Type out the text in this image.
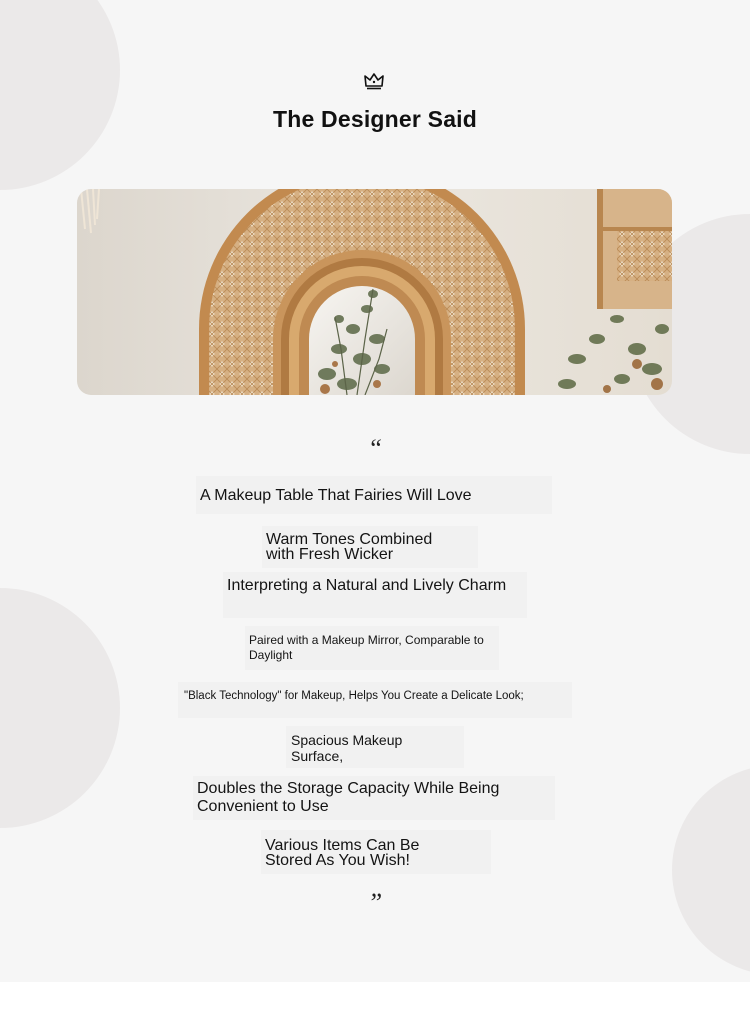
The Designer Said
“
A Makeup Table That Fairies Will Love
Warm Tones Combined with Fresh Wicker
Interpreting a Natural and Lively Charm
Paired with a Makeup Mirror, Comparable to Daylight
"Black Technology" for Makeup, Helps You Create a Delicate Look;
Spacious Makeup Surface,
Doubles the Storage Capacity While Being Convenient to Use
Various Items Can Be Stored As You Wish!
”
